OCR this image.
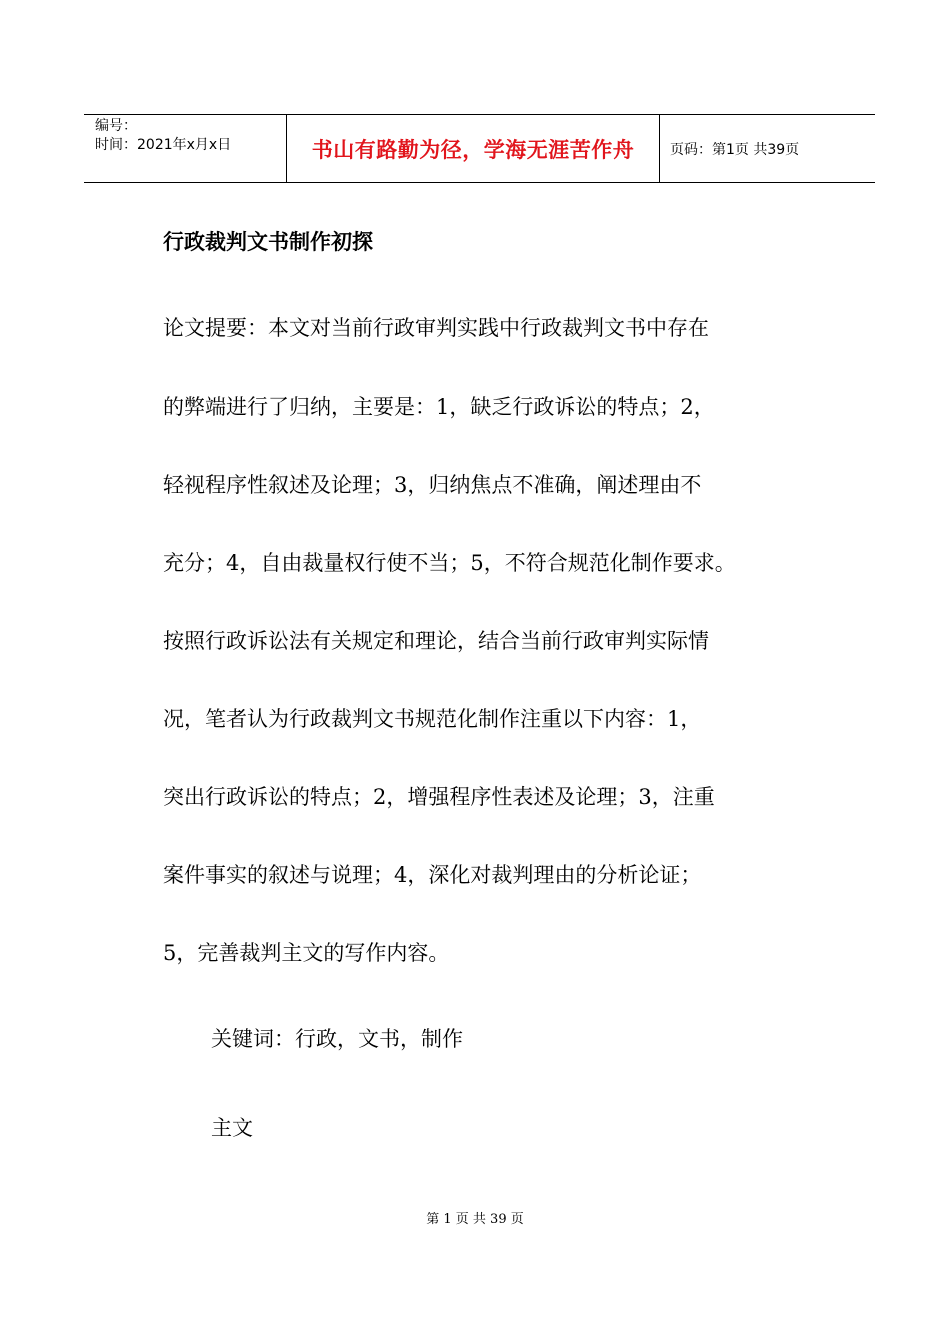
编号：
时间：2021年x月x日	书山有路勤为径，学海无涯苦作舟	页码：第1页 共39页
行政裁判文书制作初探
论文提要：本文对当前行政审判实践中行政裁判文书中存在
的弊端进行了归纳，主要是：1，缺乏行政诉讼的特点；2，
轻视程序性叙述及论理；3，归纳焦点不准确，阐述理由不
充分；4，自由裁量权行使不当；5，不符合规范化制作要求。
按照行政诉讼法有关规定和理论，结合当前行政审判实际情
况，笔者认为行政裁判文书规范化制作注重以下内容：1，
突出行政诉讼的特点；2，增强程序性表述及论理；3，注重
案件事实的叙述与说理；4，深化对裁判理由的分析论证；
5，完善裁判主文的写作内容。
关键词：行政，文书，制作
主文
第 1 页 共 39 页
